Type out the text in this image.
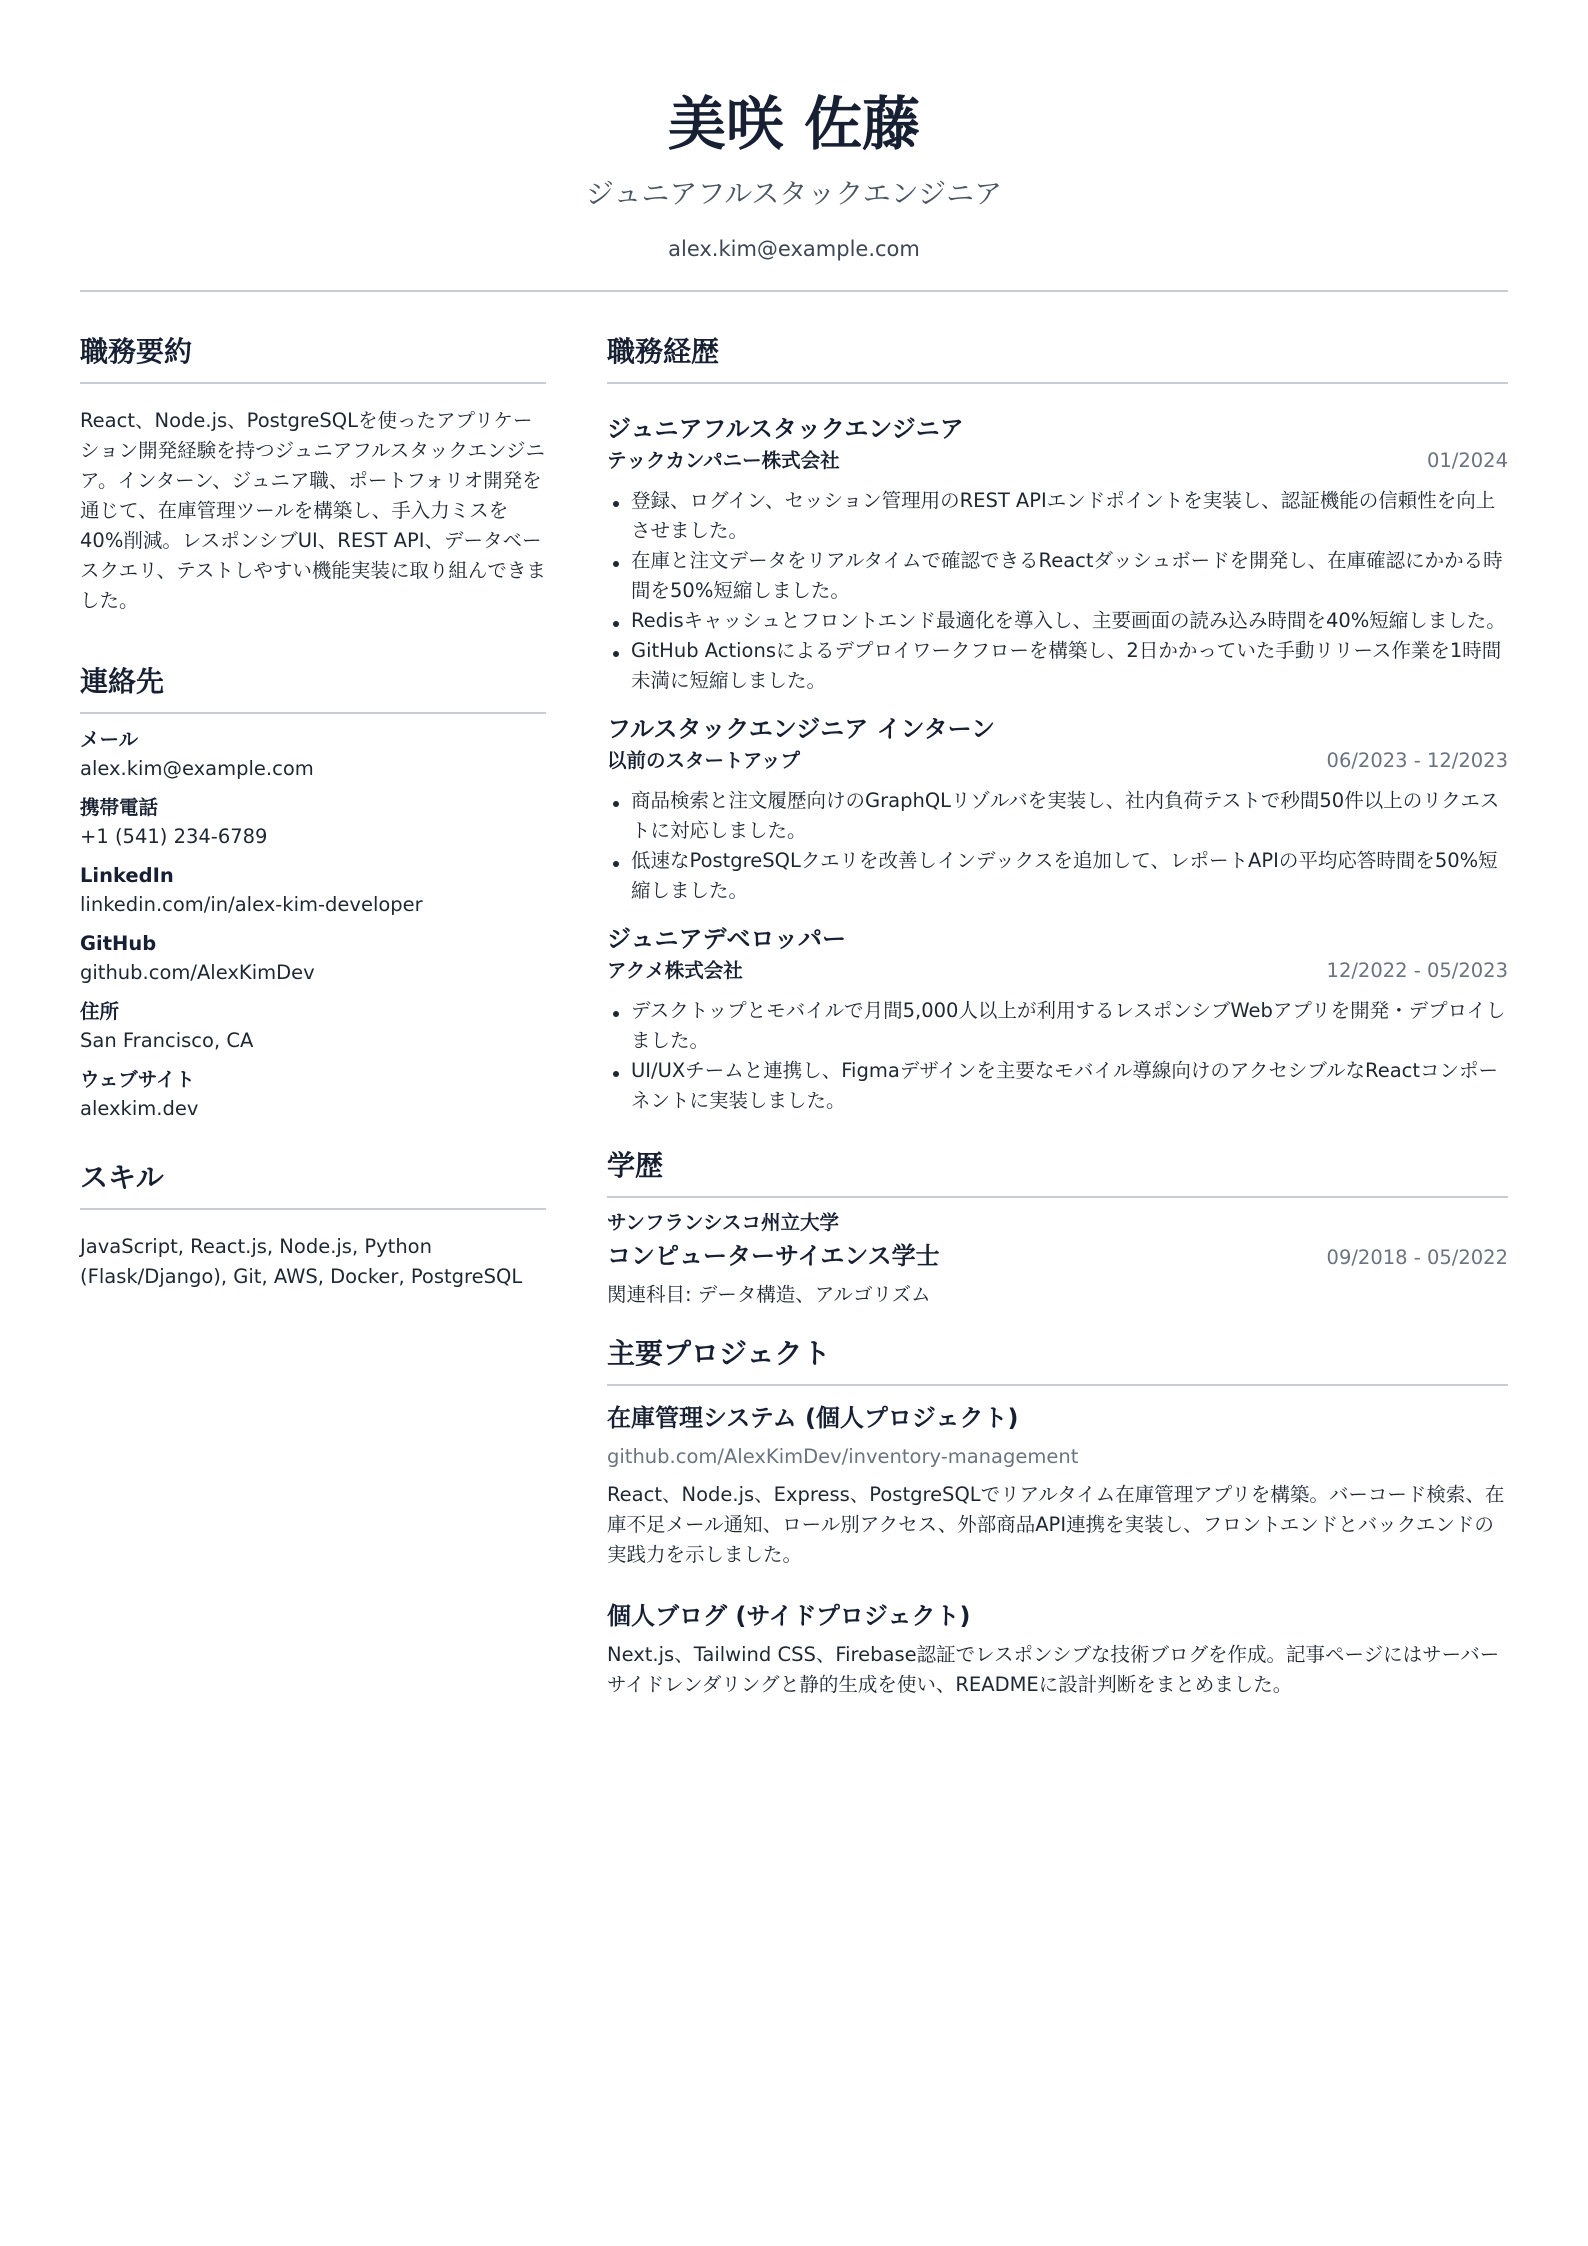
美咲 佐藤
ジュニアフルスタックエンジニア
alex.kim@example.com
職務要約
React、Node.js、PostgreSQLを使ったアプリケーション開発経験を持つジュニアフルスタックエンジニア。インターン、ジュニア職、ポートフォリオ開発を通じて、在庫管理ツールを構築し、手入力ミスを40%削減。レスポンシブUI、REST API、データベースクエリ、テストしやすい機能実装に取り組んできました。
連絡先
メール
alex.kim@example.com
携帯電話
+1 (541) 234-6789
LinkedIn
linkedin.com/in/alex-kim-developer
GitHub
github.com/AlexKimDev
住所
San Francisco, CA
ウェブサイト
alexkim.dev
スキル
JavaScript, React.js, Node.js, Python (Flask/Django), Git, AWS, Docker, PostgreSQL
職務経歴
ジュニアフルスタックエンジニア
テックカンパニー株式会社	01/2024
登録、ログイン、セッション管理用のREST APIエンドポイントを実装し、認証機能の信頼性を向上させました。
在庫と注文データをリアルタイムで確認できるReactダッシュボードを開発し、在庫確認にかかる時間を50%短縮しました。
Redisキャッシュとフロントエンド最適化を導入し、主要画面の読み込み時間を40%短縮しました。
GitHub Actionsによるデプロイワークフローを構築し、2日かかっていた手動リリース作業を1時間未満に短縮しました。
フルスタックエンジニア インターン
以前のスタートアップ	06/2023 - 12/2023
商品検索と注文履歴向けのGraphQLリゾルバを実装し、社内負荷テストで秒間50件以上のリクエストに対応しました。
低速なPostgreSQLクエリを改善しインデックスを追加して、レポートAPIの平均応答時間を50%短縮しました。
ジュニアデベロッパー
アクメ株式会社	12/2022 - 05/2023
デスクトップとモバイルで月間5,000人以上が利用するレスポンシブWebアプリを開発・デプロイしました。
UI/UXチームと連携し、Figmaデザインを主要なモバイル導線向けのアクセシブルなReactコンポーネントに実装しました。
学歴
サンフランシスコ州立大学
コンピューターサイエンス学士	09/2018 - 05/2022
関連科目: データ構造、アルゴリズム
主要プロジェクト
在庫管理システム (個人プロジェクト)
github.com/AlexKimDev/inventory-management
React、Node.js、Express、PostgreSQLでリアルタイム在庫管理アプリを構築。バーコード検索、在庫不足メール通知、ロール別アクセス、外部商品API連携を実装し、フロントエンドとバックエンドの実践力を示しました。
個人ブログ (サイドプロジェクト)
Next.js、Tailwind CSS、Firebase認証でレスポンシブな技術ブログを作成。記事ページにはサーバーサイドレンダリングと静的生成を使い、READMEに設計判断をまとめました。
